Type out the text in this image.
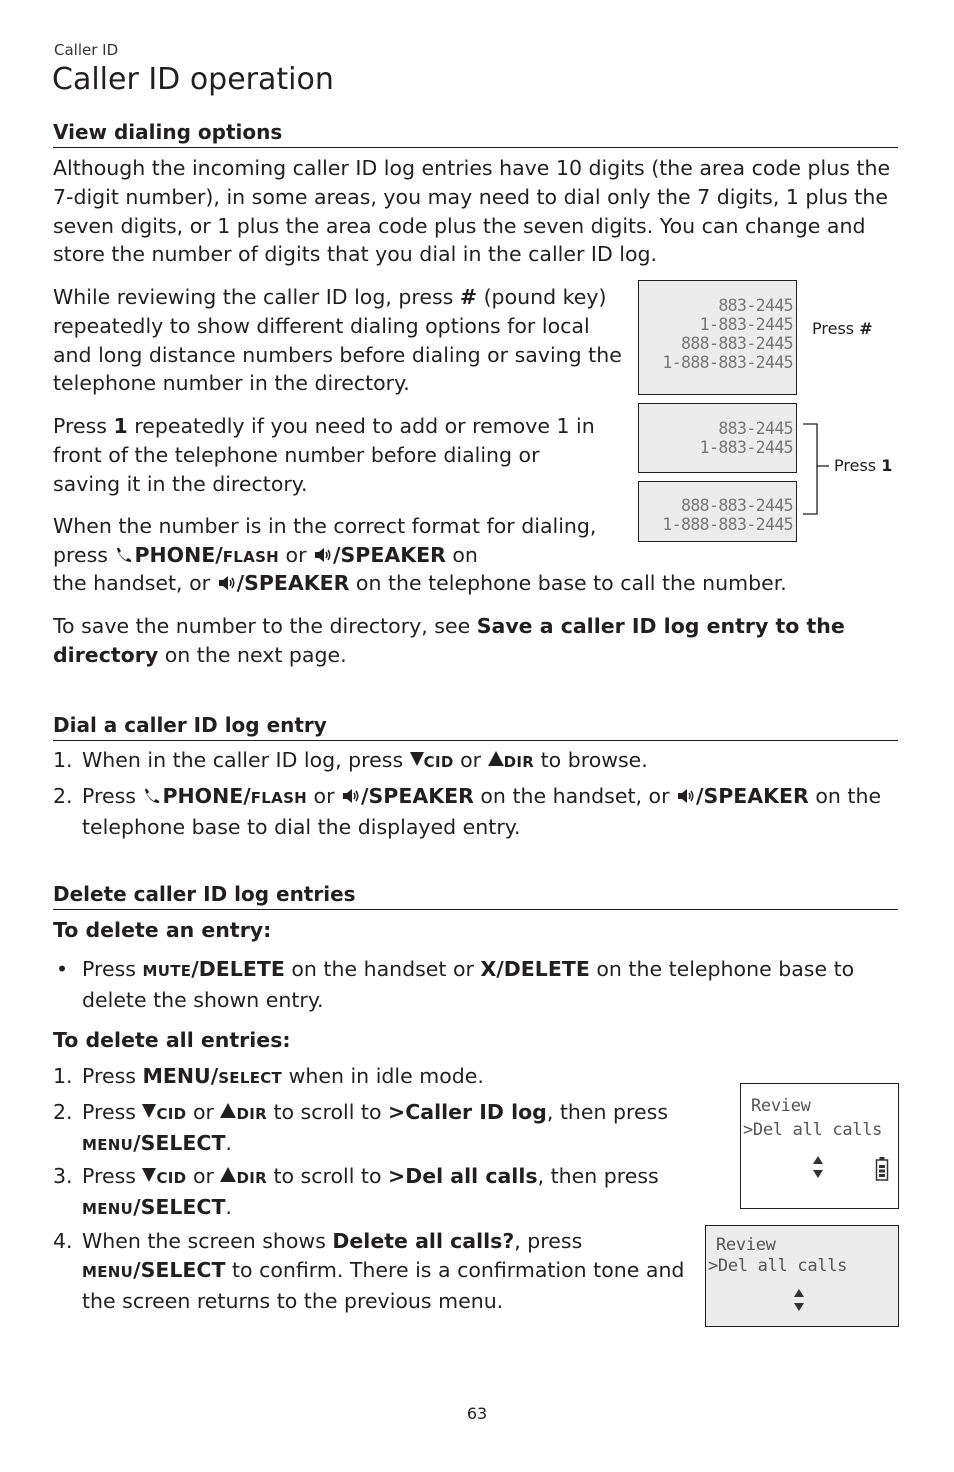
Caller ID
Caller ID operation
View dialing options
Although the incoming caller ID log entries have 10 digits (the area code plus the 7-digit number), in some areas, you may need to dial only the 7 digits, 1 plus the seven digits, or 1 plus the area code plus the seven digits. You can change and store the number of digits that you dial in the caller ID log.
While reviewing the caller ID log, press # (pound key) repeatedly to show different dialing options for local and long distance numbers before dialing or saving the telephone number in the directory.
Press 1 repeatedly if you need to add or remove 1 in front of the telephone number before dialing or saving it in the directory.
When the number is in the correct format for dialing, press PHONE/FLASH or /SPEAKER on
the handset, or /SPEAKER on the telephone base to call the number.
To save the number to the directory, see Save a caller ID log entry to the directory on the next page.
883-2445
1-883-2445
888-883-2445
1-888-883-2445
Press #
883-2445
1-883-2445
888-883-2445
1-888-883-2445
Press 1
Dial a caller ID log entry
1. When in the caller ID log, press CID or DIR to browse.
2. Press PHONE/FLASH or /SPEAKER on the handset, or /SPEAKER on the telephone base to dial the displayed entry.
Delete caller ID log entries
To delete an entry:
• Press MUTE/DELETE on the handset or X/DELETE on the telephone base to delete the shown entry.
To delete all entries:
1. Press MENU/SELECT when in idle mode.
2. Press CID or DIR to scroll to >Caller ID log, then press MENU/SELECT.
3. Press CID or DIR to scroll to >Del all calls, then press MENU/SELECT.
4. When the screen shows Delete all calls?, press MENU/SELECT to confirm. There is a confirmation tone and the screen returns to the previous menu.
Review
>Del all calls
Review
>Del all calls
63
